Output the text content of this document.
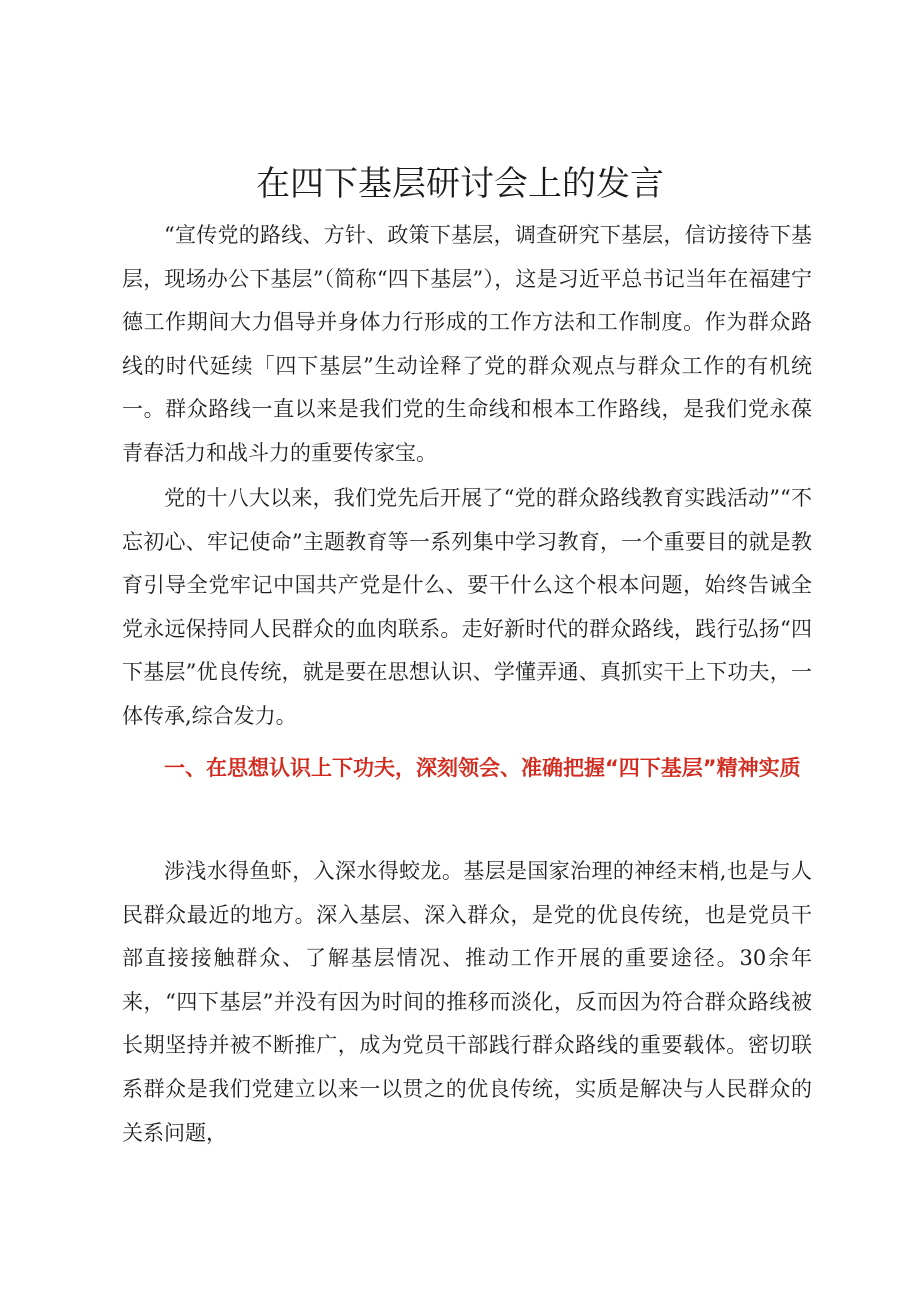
在四下基层研讨会上的发言

“宣传党的路线、方针、政策下基层，调查研究下基层，信访接待下基层，现场办公下基层”（简称“四下基层”），这是习近平总书记当年在福建宁德工作期间大力倡导并身体力行形成的工作方法和工作制度。作为群众路线的时代延续「四下基层”生动诠释了党的群众观点与群众工作的有机统一。群众路线一直以来是我们党的生命线和根本工作路线，是我们党永葆青春活力和战斗力的重要传家宝。

党的十八大以来，我们党先后开展了“党的群众路线教育实践活动”“不忘初心、牢记使命”主题教育等一系列集中学习教育，一个重要目的就是教育引导全党牢记中国共产党是什么、要干什么这个根本问题，始终告诫全党永远保持同人民群众的血肉联系。走好新时代的群众路线，践行弘扬“四下基层”优良传统，就是要在思想认识、学懂弄通、真抓实干上下功夫，一体传承,综合发力。

一、在思想认识上下功夫，深刻领会、准确把握“四下基层”精神实质

涉浅水得鱼虾，入深水得蛟龙。基层是国家治理的神经末梢,也是与人民群众最近的地方。深入基层、深入群众，是党的优良传统，也是党员干部直接接触群众、了解基层情况、推动工作开展的重要途径。30余年来，“四下基层”并没有因为时间的推移而淡化，反而因为符合群众路线被长期坚持并被不断推广，成为党员干部践行群众路线的重要载体。密切联系群众是我们党建立以来一以贯之的优良传统，实质是解决与人民群众的关系问题，
